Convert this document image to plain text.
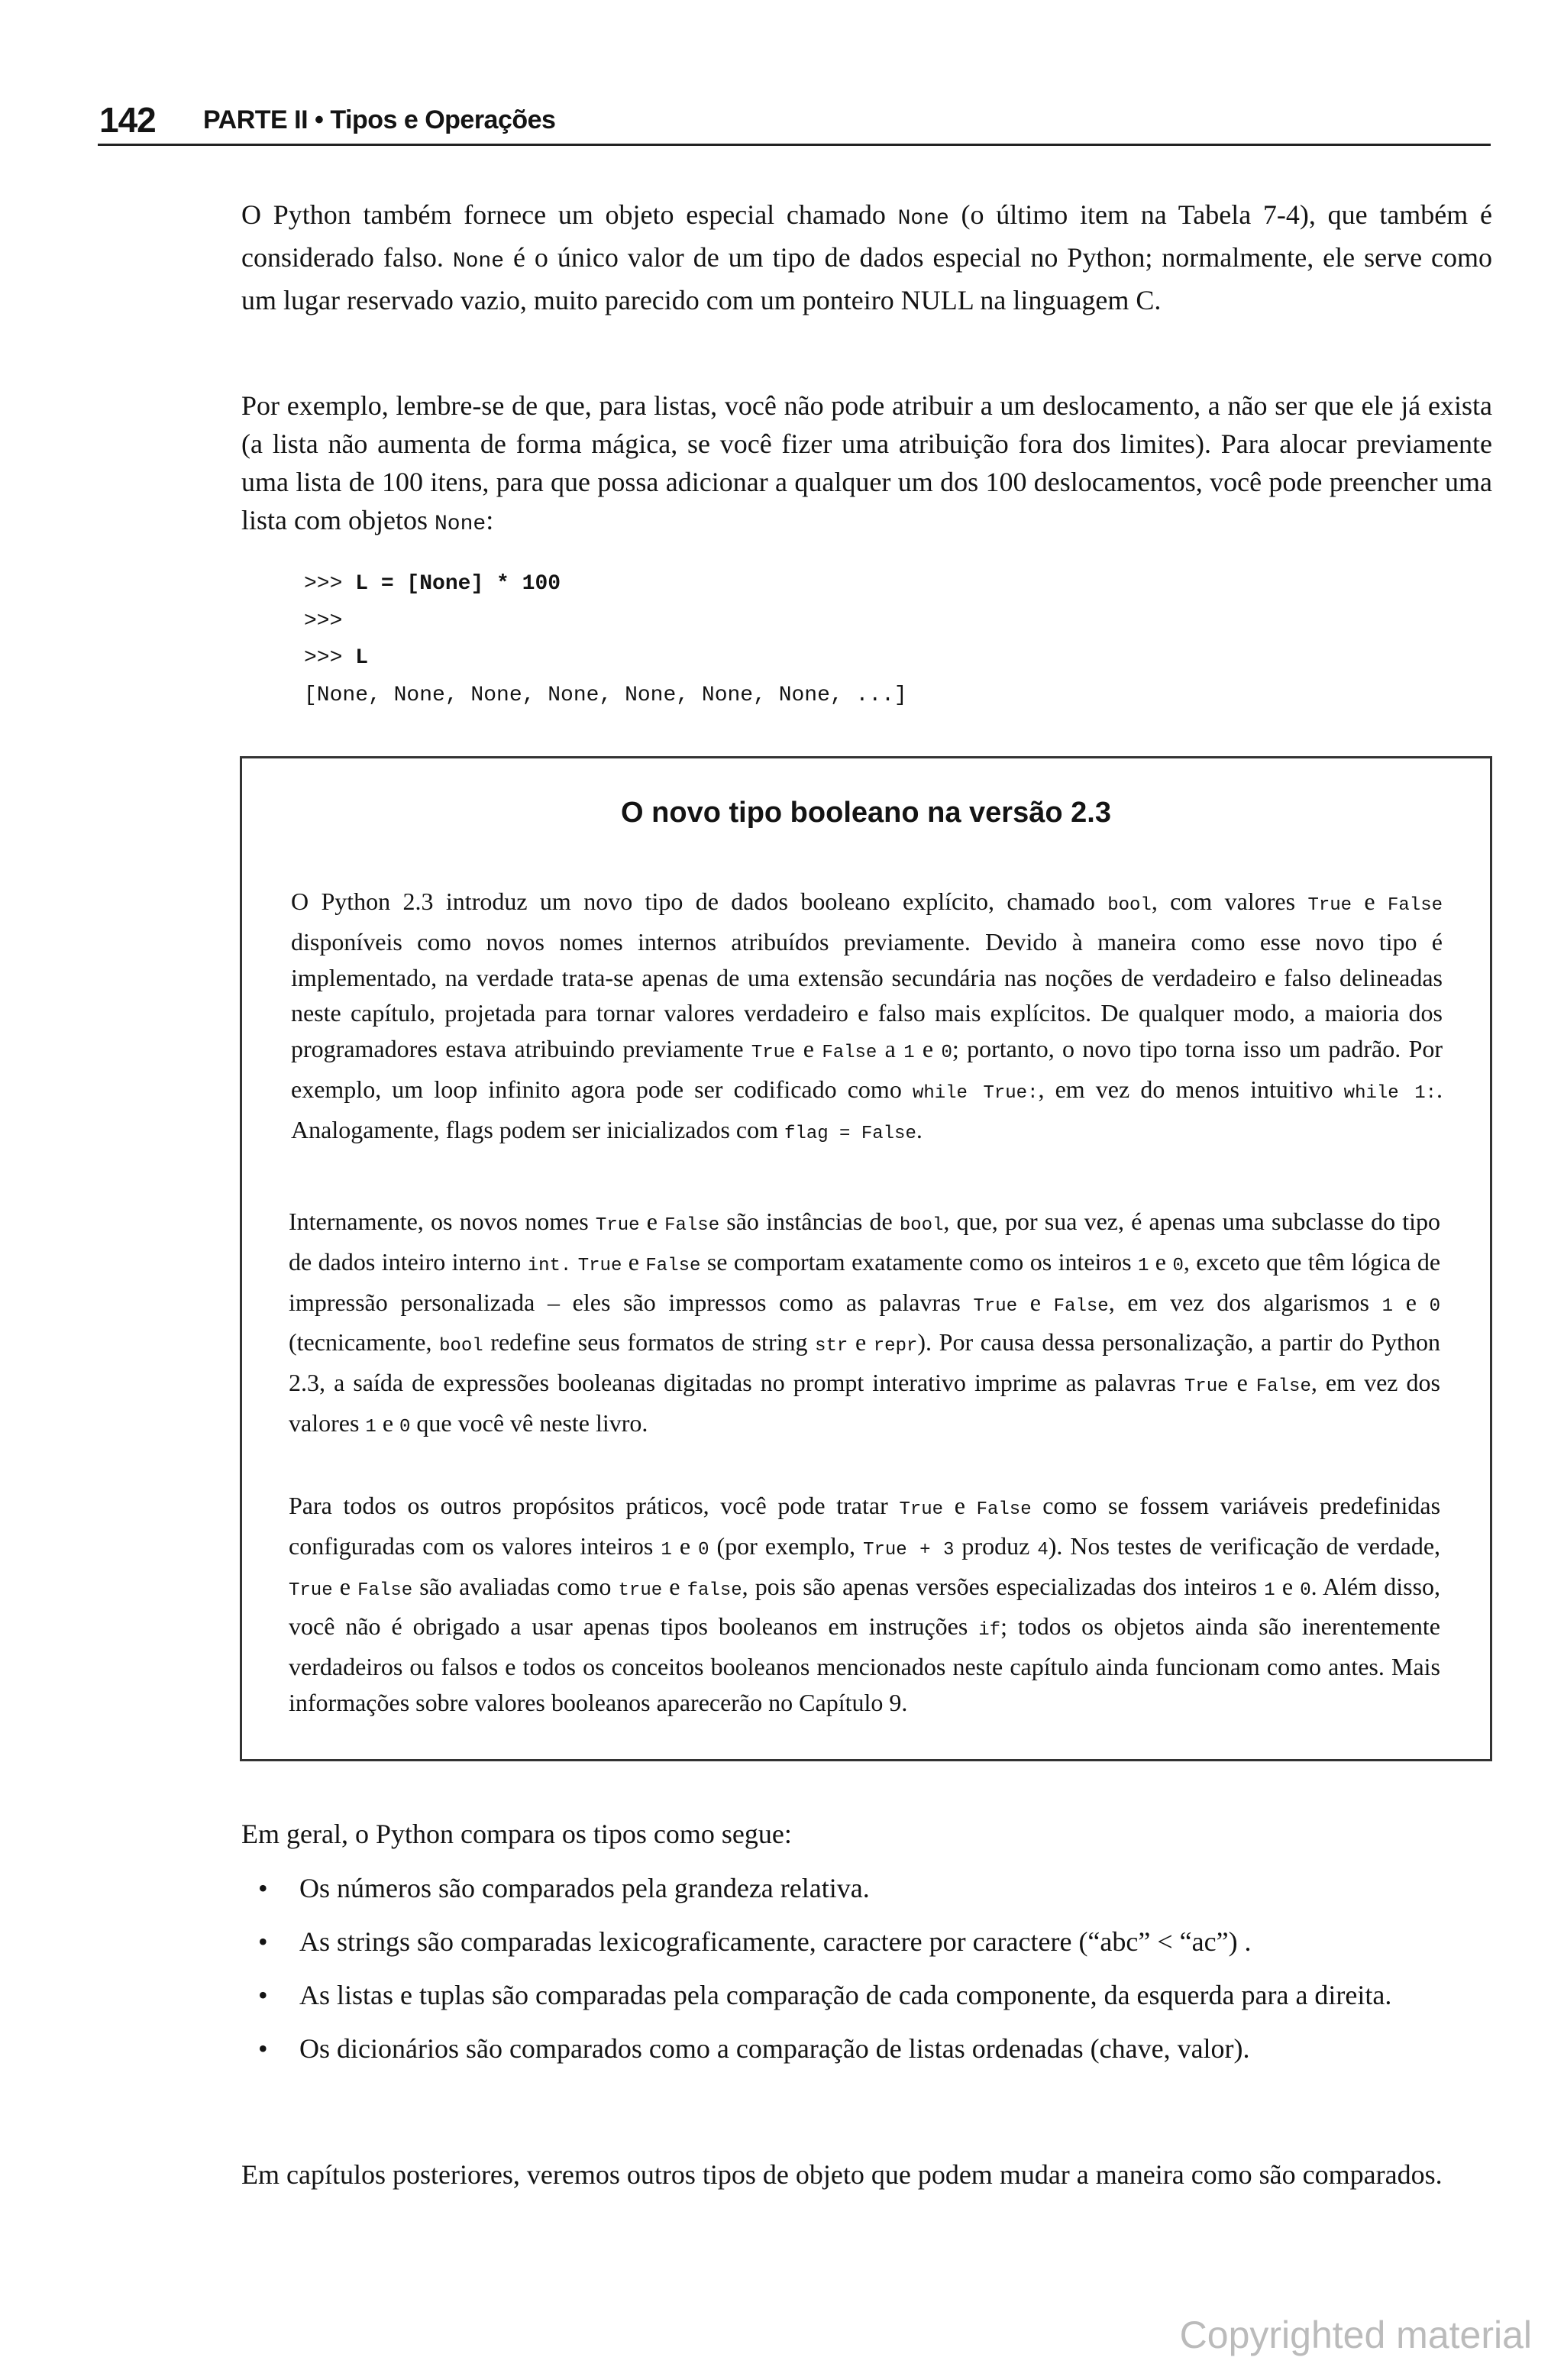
142 PARTE II • Tipos e Operações

O Python também fornece um objeto especial chamado None (o último item na Tabela 7-4), que também é considerado falso. None é o único valor de um tipo de dados especial no Python; normalmente, ele serve como um lugar reservado vazio, muito parecido com um ponteiro NULL na linguagem C.

Por exemplo, lembre-se de que, para listas, você não pode atribuir a um deslocamento, a não ser que ele já exista (a lista não aumenta de forma mágica, se você fizer uma atribuição fora dos limites). Para alocar previamente uma lista de 100 itens, para que possa adicionar a qualquer um dos 100 deslocamentos, você pode preencher uma lista com objetos None:

>>> L = [None] * 100
>>>
>>> L
[None, None, None, None, None, None, None, ...]
O novo tipo booleano na versão 2.3

O Python 2.3 introduz um novo tipo de dados booleano explícito, chamado bool, com valores True e False disponíveis como novos nomes internos atribuídos previamente. Devido à maneira como esse novo tipo é implementado, na verdade trata-se apenas de uma extensão secundária nas noções de verdadeiro e falso delineadas neste capítulo, projetada para tornar valores verdadeiro e falso mais explícitos. De qualquer modo, a maioria dos programadores estava atribuindo previamente True e False a 1 e 0; portanto, o novo tipo torna isso um padrão. Por exemplo, um loop infinito agora pode ser codificado como while True:, em vez do menos intuitivo while 1:. Analogamente, flags podem ser inicializados com flag = False.

Internamente, os novos nomes True e False são instâncias de bool, que, por sua vez, é apenas uma subclasse do tipo de dados inteiro interno int. True e False se comportam exatamente como os inteiros 1 e 0, exceto que têm lógica de impressão personalizada – eles são impressos como as palavras True e False, em vez dos algarismos 1 e 0 (tecnicamente, bool redefine seus formatos de string str e repr). Por causa dessa personalização, a partir do Python 2.3, a saída de expressões booleanas digitadas no prompt interativo imprime as palavras True e False, em vez dos valores 1 e 0 que você vê neste livro.

Para todos os outros propósitos práticos, você pode tratar True e False como se fossem variáveis predefinidas configuradas com os valores inteiros 1 e 0 (por exemplo, True + 3 produz 4). Nos testes de verificação de verdade, True e False são avaliadas como true e false, pois são apenas versões especializadas dos inteiros 1 e 0. Além disso, você não é obrigado a usar apenas tipos booleanos em instruções if; todos os objetos ainda são inerentemente verdadeiros ou falsos e todos os conceitos booleanos mencionados neste capítulo ainda funcionam como antes. Mais informações sobre valores booleanos aparecerão no Capítulo 9.

Em geral, o Python compara os tipos como segue:

• Os números são comparados pela grandeza relativa.
• As strings são comparadas lexicograficamente, caractere por caractere (“abc” < “ac”) .
• As listas e tuplas são comparadas pela comparação de cada componente, da esquerda para a direita.
• Os dicionários são comparados como a comparação de listas ordenadas (chave, valor).

Em capítulos posteriores, veremos outros tipos de objeto que podem mudar a maneira como são comparados.

Copyrighted material
